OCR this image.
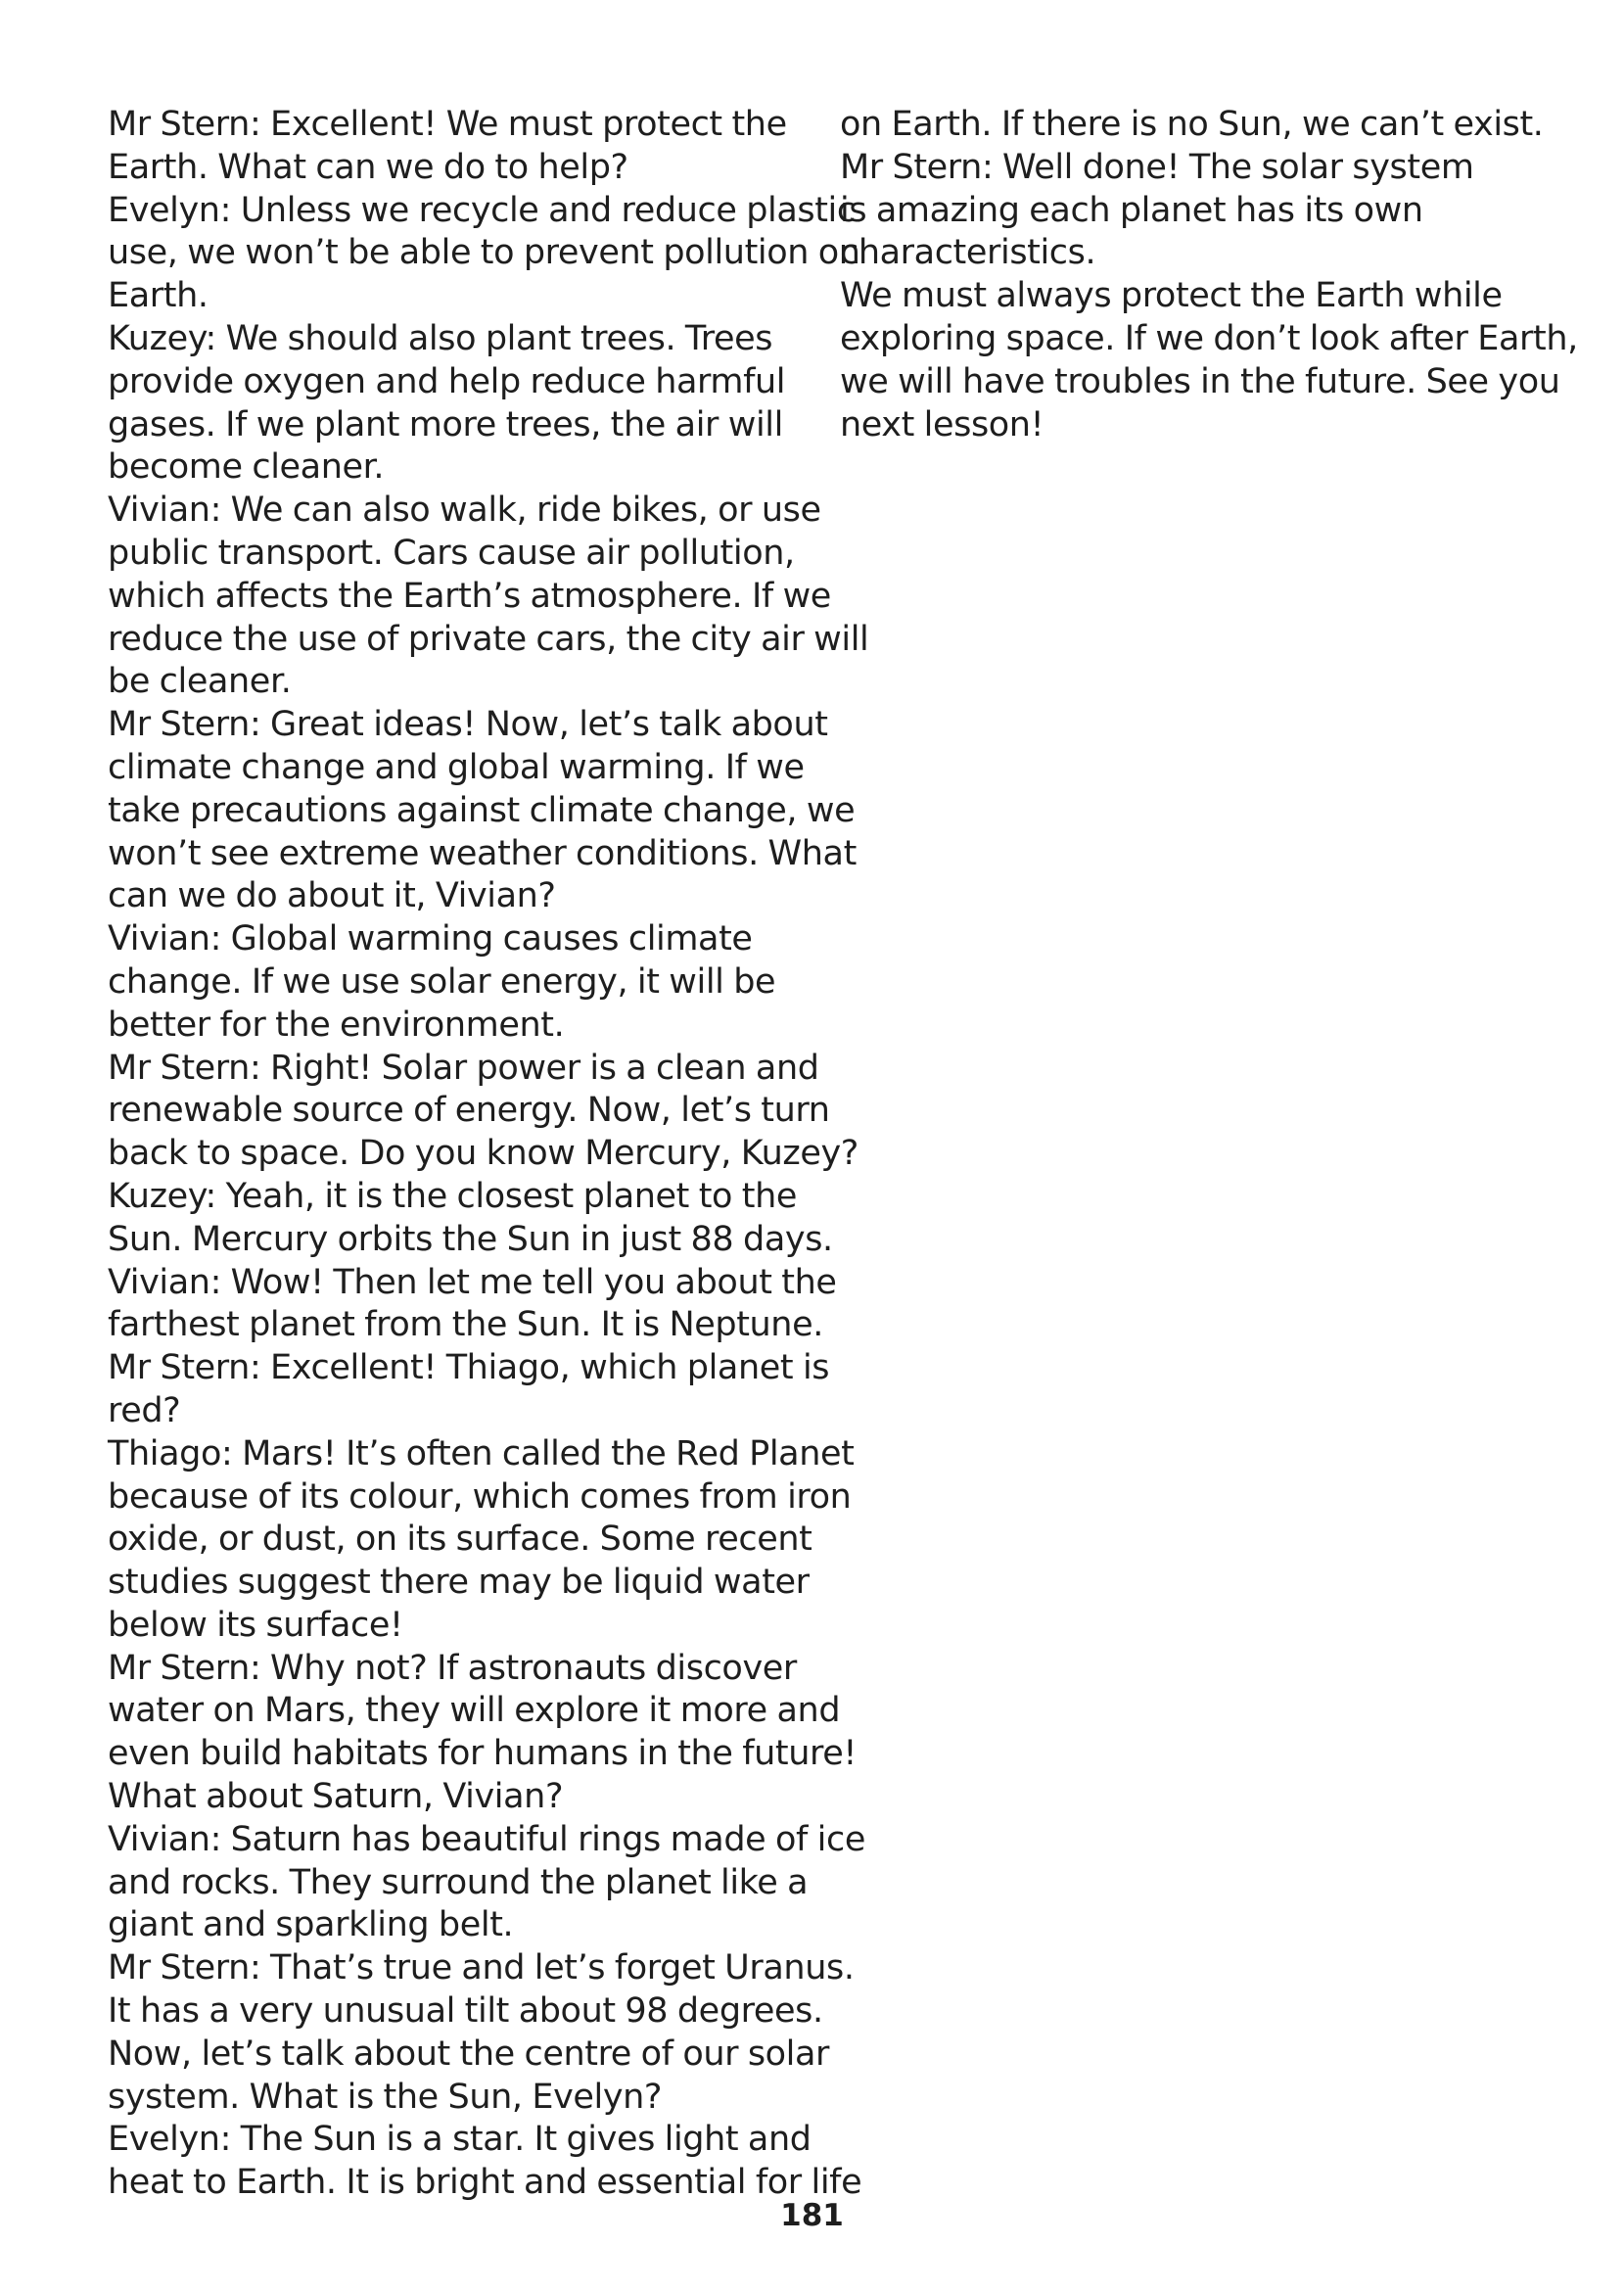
Mr Stern: Excellent! We must protect the
Earth. What can we do to help?
Evelyn: Unless we recycle and reduce plastic
use, we won’t be able to prevent pollution on
Earth.
Kuzey: We should also plant trees. Trees
provide oxygen and help reduce harmful
gases. If we plant more trees, the air will
become cleaner.
Vivian: We can also walk, ride bikes, or use
public transport. Cars cause air pollution,
which affects the Earth’s atmosphere. If we
reduce the use of private cars, the city air will
be cleaner.
Mr Stern: Great ideas! Now, let’s talk about
climate change and global warming. If we
take precautions against climate change, we
won’t see extreme weather conditions. What
can we do about it, Vivian?
Vivian: Global warming causes climate
change. If we use solar energy, it will be
better for the environment.
Mr Stern: Right! Solar power is a clean and
renewable source of energy. Now, let’s turn
back to space. Do you know Mercury, Kuzey?
Kuzey: Yeah, it is the closest planet to the
Sun. Mercury orbits the Sun in just 88 days.
Vivian: Wow! Then let me tell you about the
farthest planet from the Sun. It is Neptune.
Mr Stern: Excellent! Thiago, which planet is
red?
Thiago: Mars! It’s often called the Red Planet
because of its colour, which comes from iron
oxide, or dust, on its surface. Some recent
studies suggest there may be liquid water
below its surface!
Mr Stern: Why not? If astronauts discover
water on Mars, they will explore it more and
even build habitats for humans in the future!
What about Saturn, Vivian?
Vivian: Saturn has beautiful rings made of ice
and rocks. They surround the planet like a
giant and sparkling belt.
Mr Stern: That’s true and let’s forget Uranus.
It has a very unusual tilt about 98 degrees.
Now, let’s talk about the centre of our solar
system. What is the Sun, Evelyn?
Evelyn: The Sun is a star. It gives light and
heat to Earth. It is bright and essential for life
on Earth. If there is no Sun, we can’t exist.
Mr Stern: Well done! The solar system
is amazing each planet has its own
characteristics.
We must always protect the Earth while
exploring space. If we don’t look after Earth,
we will have troubles in the future. See you
next lesson!
181
